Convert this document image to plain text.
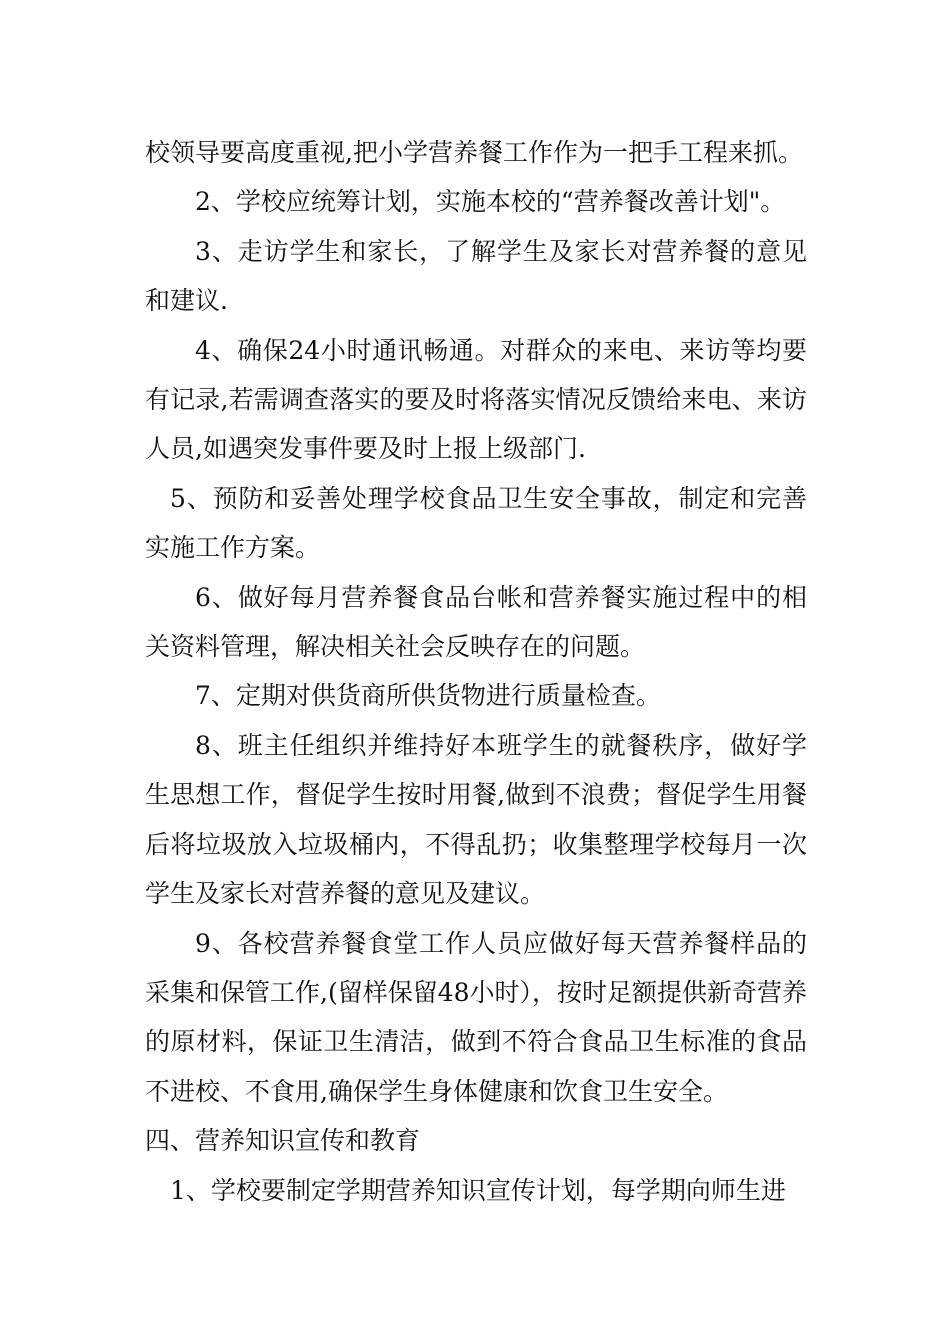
校领导要高度重视,把小学营养餐工作作为一把手工程来抓。

2、学校应统筹计划，实施本校的“营养餐改善计划"。

3、走访学生和家长，了解学生及家长对营养餐的意见和建议.

4、确保24小时通讯畅通。对群众的来电、来访等均要有记录,若需调查落实的要及时将落实情况反馈给来电、来访人员,如遇突发事件要及时上报上级部门.

5、预防和妥善处理学校食品卫生安全事故，制定和完善实施工作方案。

6、做好每月营养餐食品台帐和营养餐实施过程中的相关资料管理，解决相关社会反映存在的问题。

7、定期对供货商所供货物进行质量检查。

8、班主任组织并维持好本班学生的就餐秩序，做好学生思想工作，督促学生按时用餐,做到不浪费；督促学生用餐后将垃圾放入垃圾桶内，不得乱扔；收集整理学校每月一次学生及家长对营养餐的意见及建议。

9、各校营养餐食堂工作人员应做好每天营养餐样品的采集和保管工作,(留样保留48小时），按时足额提供新奇营养的原材料，保证卫生清洁，做到不符合食品卫生标准的食品不进校、不食用,确保学生身体健康和饮食卫生安全。

四、营养知识宣传和教育

1、学校要制定学期营养知识宣传计划，每学期向师生进
